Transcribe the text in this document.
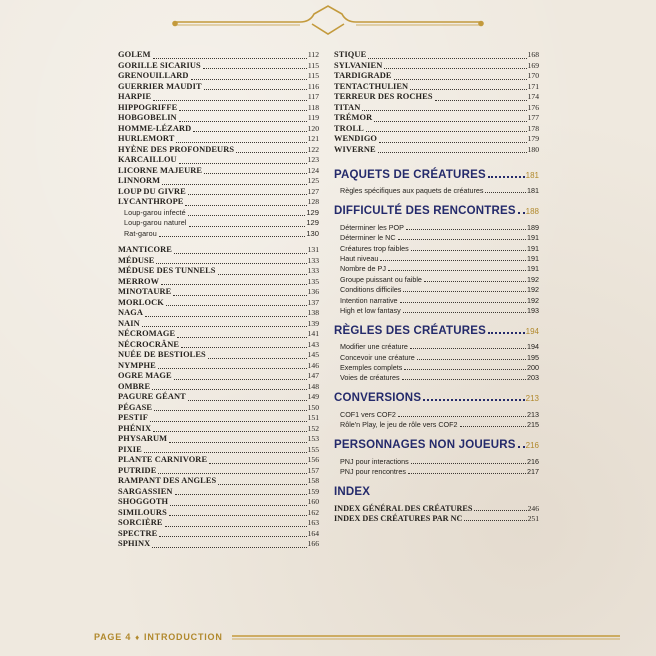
GOLEM	112
GORILLE SICARIUS	115
GRENOUILLARD	115
GUERRIER MAUDIT	116
HARPIE	117
HIPPOGRIFFE	118
HOBGOBELIN	119
HOMME-LÉZARD	120
HURLEMORT	121
HYÈNE DES PROFONDEURS	122
KARCAILLOU	123
LICORNE MAJEURE	124
LINNORM	125
LOUP DU GIVRE	127
LYCANTHROPE	128
Loup-garou infecté	129
Loup-garou naturel	129
Rat-garou	130
MANTICORE	131
MÉDUSE	133
MÉDUSE DES TUNNELS	133
MERROW	135
MINOTAURE	136
MORLOCK	137
NAGA	138
NAIN	139
NÉCROMAGE	141
NÉCROCRÂNE	143
NUÉE DE BESTIOLES	145
NYMPHE	146
OGRE MAGE	147
OMBRE	148
PAGURE GÉANT	149
PÉGASE	150
PESTIF	151
PHÉNIX	152
PHYSARUM	153
PIXIE	155
PLANTE CARNIVORE	156
PUTRIDE	157
RAMPANT DES ANGLES	158
SARGASSIEN	159
SHOGGOTH	160
SIMILOURS	162
SORCIÈRE	163
SPECTRE	164
SPHINX	166
STIQUE	168
SYLVANIEN	169
TARDIGRADE	170
TENTACTHULIEN	171
TERREUR DES ROCHES	174
TITAN	176
TRÉMOR	177
TROLL	178
WENDIGO	179
WIVERNE	180
PAQUETS DE CRÉATURES	181
Règles spécifiques aux paquets de créatures	181
DIFFICULTÉ DES RENCONTRES 188
Déterminer les POP	189
Déterminer le NC	191
Créatures trop faibles	191
Haut niveau	191
Nombre de PJ	191
Groupe puissant ou faible	192
Conditions difficiles	192
Intention narrative	192
High et low fantasy	193
RÈGLES DES CRÉATURES	194
Modifier une créature	194
Concevoir une créature	195
Exemples complets	200
Voies de créatures	203
CONVERSIONS	213
COF1 vers COF2	213
Rôle'n Play, le jeu de rôle vers COF2	215
PERSONNAGES NON JOUEURS 216
PNJ pour interactions	216
PNJ pour rencontres	217
INDEX
INDEX GÉNÉRAL DES CRÉATURES	246
INDEX DES CRÉATURES PAR NC	251
PAGE 4 ♦ INTRODUCTION
